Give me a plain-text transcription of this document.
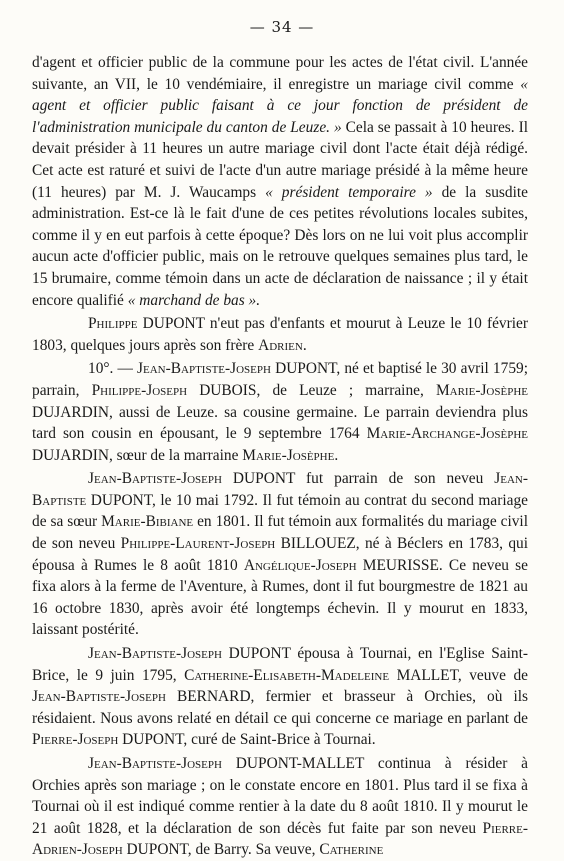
— 34 —

d'agent et officier public de la commune pour les actes de l'état civil. L'année suivante, an VII, le 10 vendémiaire, il enregistre un mariage civil comme « agent et officier public faisant à ce jour fonction de président de l'administration municipale du canton de Leuze. » Cela se passait à 10 heures. Il devait présider à 11 heures un autre mariage civil dont l'acte était déjà rédigé. Cet acte est raturé et suivi de l'acte d'un autre mariage présidé à la même heure (11 heures) par M. J. Waucamps « président temporaire » de la susdite administration. Est-ce là le fait d'une de ces petites révolutions locales subites, comme il y en eut parfois à cette époque? Dès lors on ne lui voit plus accomplir aucun acte d'officier public, mais on le retrouve quelques semaines plus tard, le 15 brumaire, comme témoin dans un acte de déclaration de naissance ; il y était encore qualifié « marchand de bas ».

Philippe DUPONT n'eut pas d'enfants et mourut à Leuze le 10 février 1803, quelques jours après son frère Adrien.

10°. — Jean-Baptiste-Joseph DUPONT, né et baptisé le 30 avril 1759; parrain, Philippe-Joseph DUBOIS, de Leuze ; marraine, Marie-Josèphe DUJARDIN, aussi de Leuze. sa cousine germaine. Le parrain deviendra plus tard son cousin en épousant, le 9 septembre 1764 Marie-Archange-Josèphe DUJARDIN, sœur de la marraine Marie-Josèphe.

Jean-Baptiste-Joseph DUPONT fut parrain de son neveu Jean-Baptiste DUPONT, le 10 mai 1792. Il fut témoin au contrat du second mariage de sa sœur Marie-Bibiane en 1801. Il fut témoin aux formalités du mariage civil de son neveu Philippe-Laurent-Joseph BILLOUEZ, né à Béclers en 1783, qui épousa à Rumes le 8 août 1810 Angélique-Joseph MEURISSE. Ce neveu se fixa alors à la ferme de l'Aventure, à Rumes, dont il fut bourgmestre de 1821 au 16 octobre 1830, après avoir été longtemps échevin. Il y mourut en 1833, laissant postérité.

Jean-Baptiste-Joseph DUPONT épousa à Tournai, en l'Eglise Saint-Brice, le 9 juin 1795, Catherine-Elisabeth-Madeleine MALLET, veuve de Jean-Baptiste-Joseph BERNARD, fermier et brasseur à Orchies, où ils résidaient. Nous avons relaté en détail ce qui concerne ce mariage en parlant de Pierre-Joseph DUPONT, curé de Saint-Brice à Tournai.

Jean-Baptiste-Joseph DUPONT-MALLET continua à résider à Orchies après son mariage ; on le constate encore en 1801. Plus tard il se fixa à Tournai où il est indiqué comme rentier à la date du 8 août 1810. Il y mourut le 21 août 1828, et la déclaration de son décès fut faite par son neveu Pierre-Adrien-Joseph DUPONT, de Barry. Sa veuve, Catherine
